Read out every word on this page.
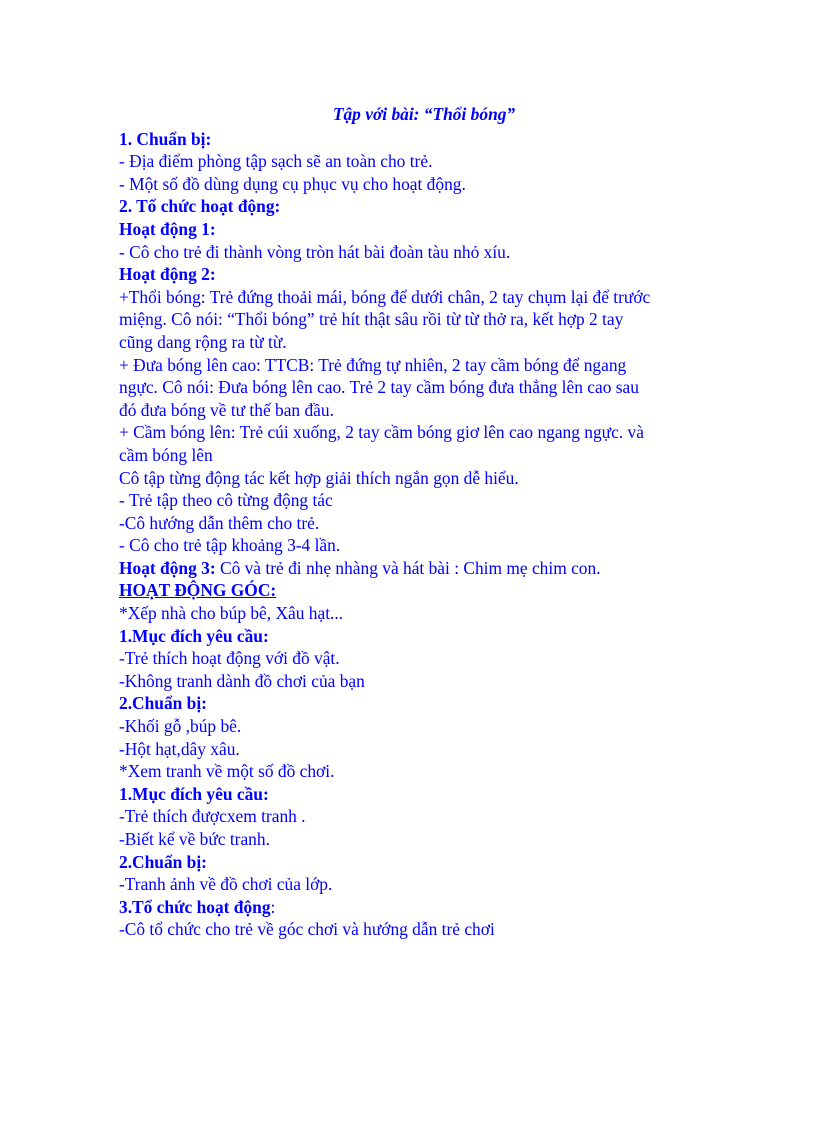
Tập với bài: “Thổi bóng”
1. Chuẩn bị:
- Địa điểm phòng tập sạch sẽ an toàn cho trẻ.
- Một số đồ dùng dụng cụ phục vụ cho hoạt động.
2. Tổ chức hoạt động:
Hoạt động 1:
- Cô cho trẻ đi thành vòng tròn hát bài đoàn tàu nhỏ xíu.
Hoạt động 2:
+Thổi bóng: Trẻ đứng thoải mái, bóng để dưới chân, 2 tay chụm lại để trước
miệng. Cô nói: “Thổi bóng” trẻ hít thật sâu rồi từ từ thở ra, kết hợp 2 tay
cũng dang rộng ra từ từ.
+ Đưa bóng lên cao: TTCB: Trẻ đứng tự nhiên, 2 tay cầm bóng để ngang
ngực. Cô nói: Đưa bóng lên cao. Trẻ 2 tay cầm bóng đưa thẳng lên cao sau
đó đưa bóng về tư thế ban đầu.
+ Cầm bóng lên: Trẻ cúi xuống, 2 tay cầm bóng giơ lên cao ngang ngực. và
cầm bóng lên
Cô tập từng động tác kết hợp giải thích ngắn gọn dễ hiểu.
- Trẻ tập theo cô từng động tác
-Cô hướng dẫn thêm cho trẻ.
- Cô cho trẻ tập khoảng 3-4 lần.
Hoạt động 3: Cô và trẻ đi nhẹ nhàng và hát bài : Chim mẹ chim con.
HOẠT ĐỘNG GÓC:
*Xếp nhà cho búp bê, Xâu hạt...
1.Mục đích yêu cầu:
-Trẻ thích hoạt động với đồ vật.
-Không tranh dành đồ chơi của bạn
2.Chuẩn bị:
-Khối gỗ ,búp bê.
-Hột hạt,dây xâu.
*Xem tranh về một số đồ chơi.
1.Mục đích yêu cầu:
-Trẻ thích đượcxem tranh .
-Biết kể về bức tranh.
2.Chuẩn bị:
-Tranh ảnh về đồ chơi của lớp.
3.Tổ chức hoạt động:
-Cô tổ chức cho trẻ về góc chơi và hướng dẫn trẻ chơi
